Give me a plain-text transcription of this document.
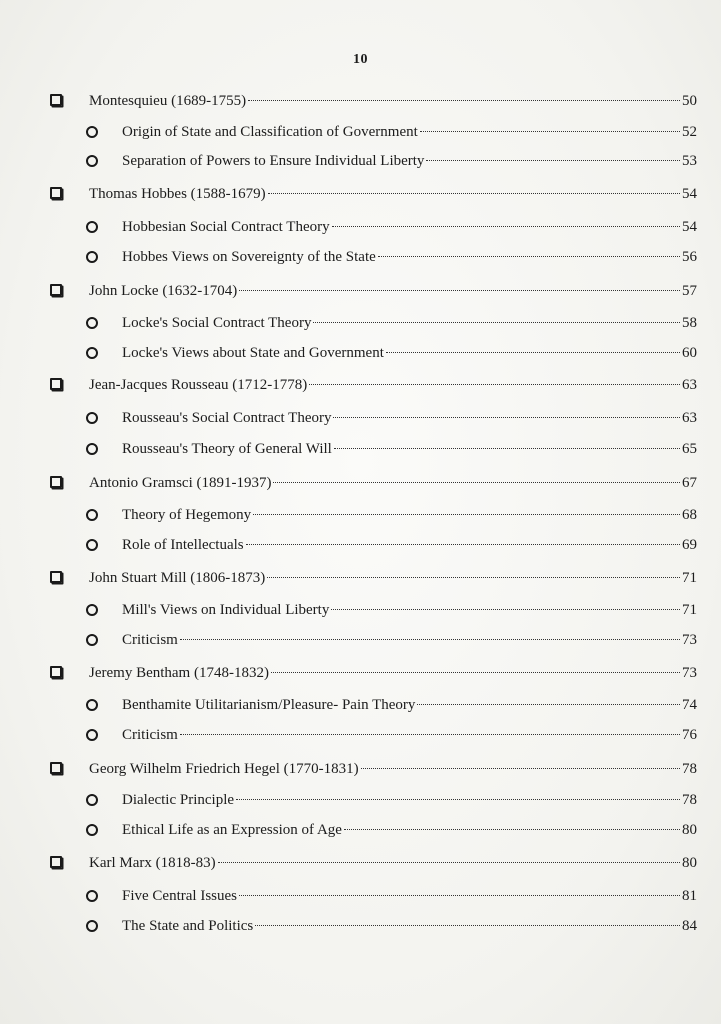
10
Montesquieu (1689-1755)	50
Origin of State and Classification of Government	52
Separation of Powers to Ensure Individual Liberty	53
Thomas Hobbes (1588-1679)	54
Hobbesian Social Contract Theory	54
Hobbes Views on Sovereignty of the State	56
John Locke (1632-1704)	57
Locke's Social Contract Theory	58
Locke's Views about State and Government	60
Jean-Jacques Rousseau (1712-1778)	63
Rousseau's Social Contract Theory	63
Rousseau's Theory of General Will	65
Antonio Gramsci (1891-1937)	67
Theory of Hegemony	68
Role of Intellectuals	69
John Stuart Mill (1806-1873)	71
Mill's Views on Individual Liberty	71
Criticism	73
Jeremy Bentham (1748-1832)	73
Benthamite Utilitarianism/Pleasure- Pain Theory	74
Criticism	76
Georg Wilhelm Friedrich Hegel (1770-1831)	78
Dialectic Principle	78
Ethical Life as an Expression of Age	80
Karl Marx (1818-83)	80
Five Central Issues	81
The State and Politics	84
